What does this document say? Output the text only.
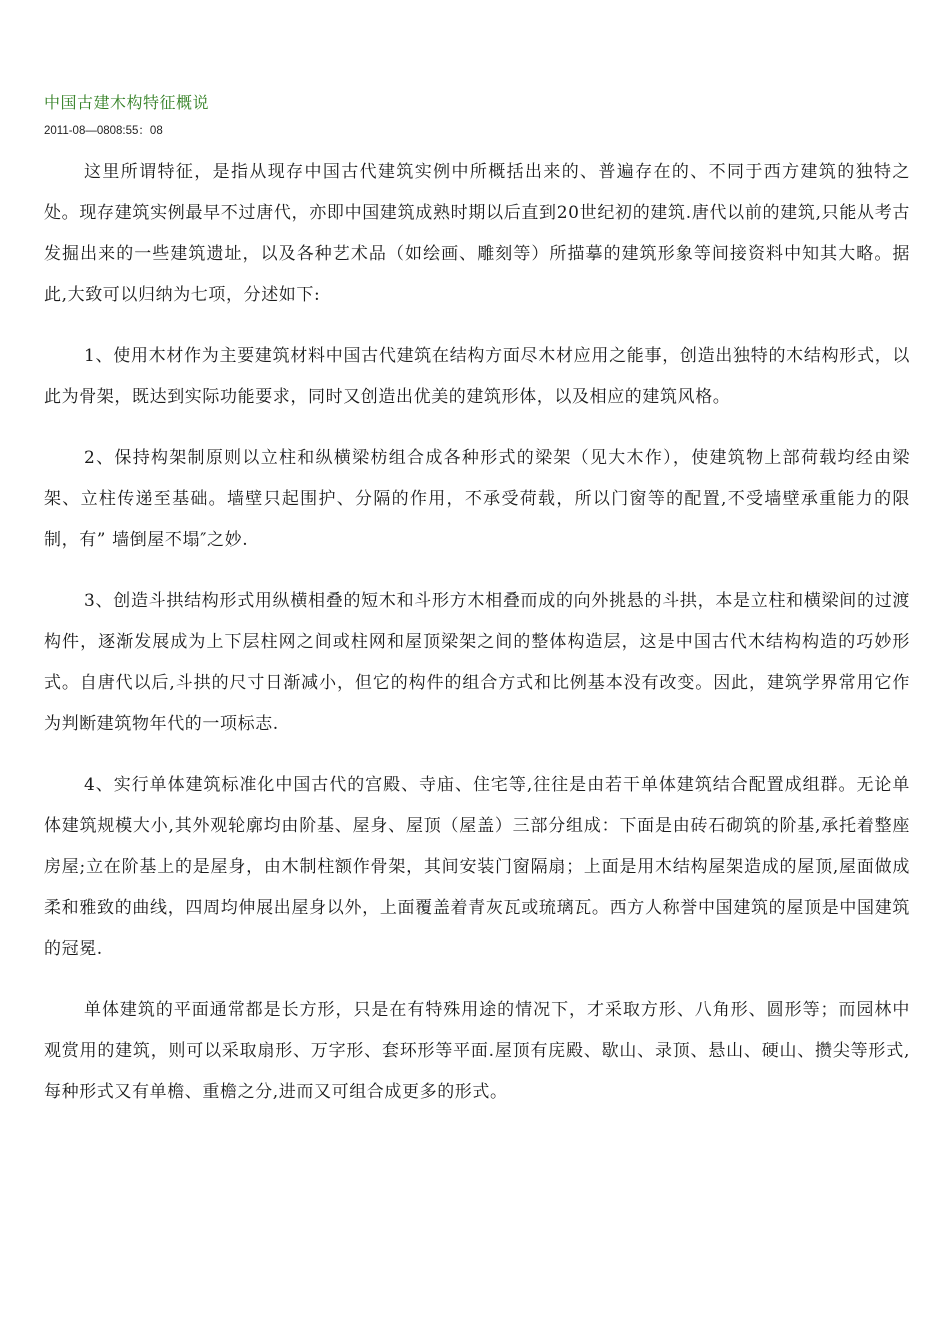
中国古建木构特征概说
2011-08—0808:55：08

这里所谓特征，是指从现存中国古代建筑实例中所概括出来的、普遍存在的、不同于西方建筑的独特之处。现存建筑实例最早不过唐代，亦即中国建筑成熟时期以后直到20世纪初的建筑.唐代以前的建筑,只能从考古发掘出来的一些建筑遗址，以及各种艺术品（如绘画、雕刻等）所描摹的建筑形象等间接资料中知其大略。据此,大致可以归纳为七项，分述如下:

1、使用木材作为主要建筑材料中国古代建筑在结构方面尽木材应用之能事，创造出独特的木结构形式，以此为骨架，既达到实际功能要求，同时又创造出优美的建筑形体，以及相应的建筑风格。

2、保持构架制原则以立柱和纵横梁枋组合成各种形式的梁架（见大木作），使建筑物上部荷载均经由梁架、立柱传递至基础。墙壁只起围护、分隔的作用，不承受荷载，所以门窗等的配置,不受墙壁承重能力的限制，有” 墙倒屋不塌″之妙.

3、创造斗拱结构形式用纵横相叠的短木和斗形方木相叠而成的向外挑悬的斗拱，本是立柱和横梁间的过渡构件，逐渐发展成为上下层柱网之间或柱网和屋顶梁架之间的整体构造层，这是中国古代木结构构造的巧妙形式。自唐代以后,斗拱的尺寸日渐减小，但它的构件的组合方式和比例基本没有改变。因此，建筑学界常用它作为判断建筑物年代的一项标志.

4、实行单体建筑标准化中国古代的宫殿、寺庙、住宅等,往往是由若干单体建筑结合配置成组群。无论单体建筑规模大小,其外观轮廓均由阶基、屋身、屋顶（屋盖）三部分组成：下面是由砖石砌筑的阶基,承托着整座房屋;立在阶基上的是屋身，由木制柱额作骨架，其间安装门窗隔扇；上面是用木结构屋架造成的屋顶,屋面做成柔和雅致的曲线，四周均伸展出屋身以外，上面覆盖着青灰瓦或琉璃瓦。西方人称誉中国建筑的屋顶是中国建筑的冠冕.

单体建筑的平面通常都是长方形，只是在有特殊用途的情况下，才采取方形、八角形、圆形等；而园林中观赏用的建筑，则可以采取扇形、万字形、套环形等平面.屋顶有庑殿、歇山、录顶、悬山、硬山、攒尖等形式,每种形式又有单檐、重檐之分,进而又可组合成更多的形式。
